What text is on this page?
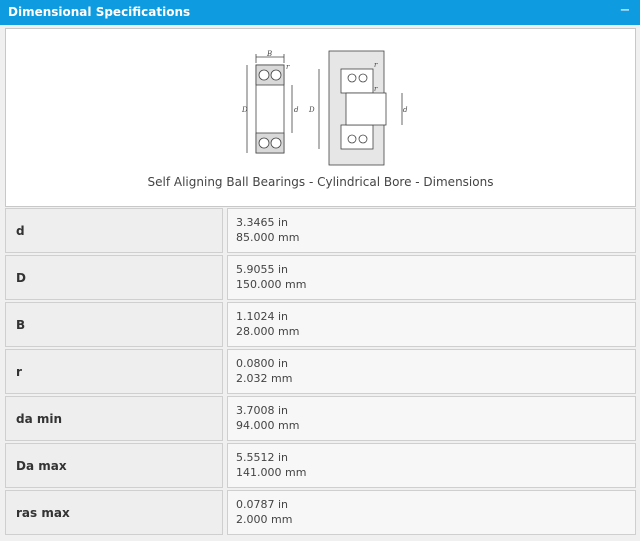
Dimensional Specifications	−
B
D	d
r
D	d
r
r
Self Aligning Ball Bearings - Cylindrical Bore - Dimensions
d
3.3465 in
85.000 mm
D
5.9055 in
150.000 mm
B
1.1024 in
28.000 mm
r
0.0800 in
2.032 mm
da min
3.7008 in
94.000 mm
Da max
5.5512 in
141.000 mm
ras max
0.0787 in
2.000 mm
